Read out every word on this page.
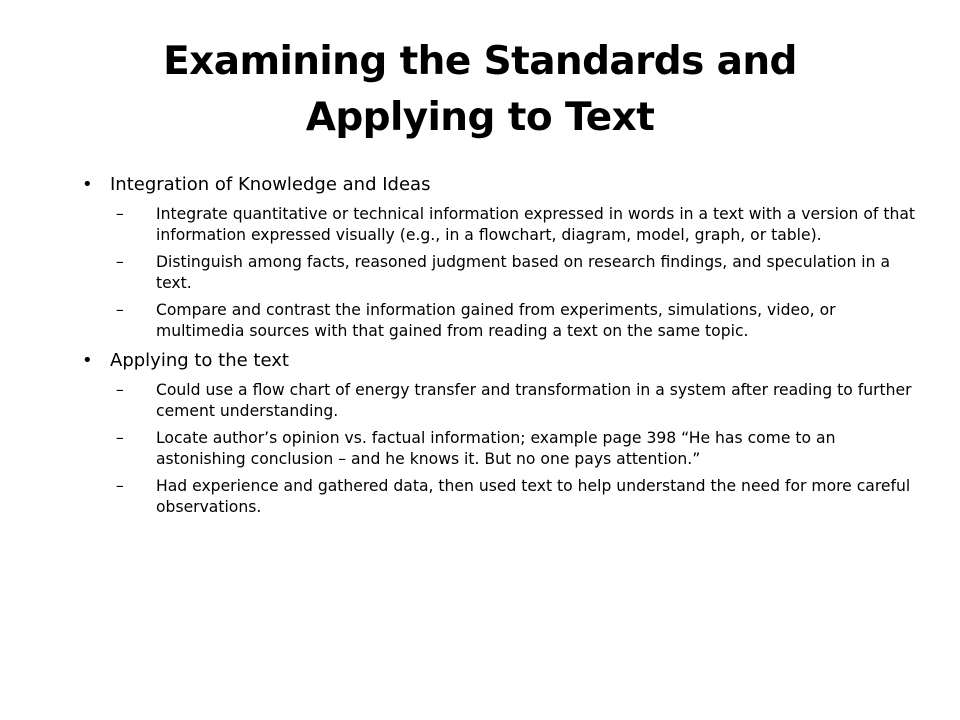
Examining the Standards and
Applying to Text
• Integration of Knowledge and Ideas
– Integrate quantitative or technical information expressed in words in a text with a version of that information expressed visually (e.g., in a flowchart, diagram, model, graph, or table).
– Distinguish among facts, reasoned judgment based on research findings, and speculation in a text.
– Compare and contrast the information gained from experiments, simulations, video, or multimedia sources with that gained from reading a text on the same topic.
• Applying to the text
– Could use a flow chart of energy transfer and transformation in a system after reading to further cement understanding.
– Locate author’s opinion vs. factual information; example page 398 “He has come to an astonishing conclusion – and he knows it. But no one pays attention.”
– Had experience and gathered data, then used text to help understand the need for more careful observations.
